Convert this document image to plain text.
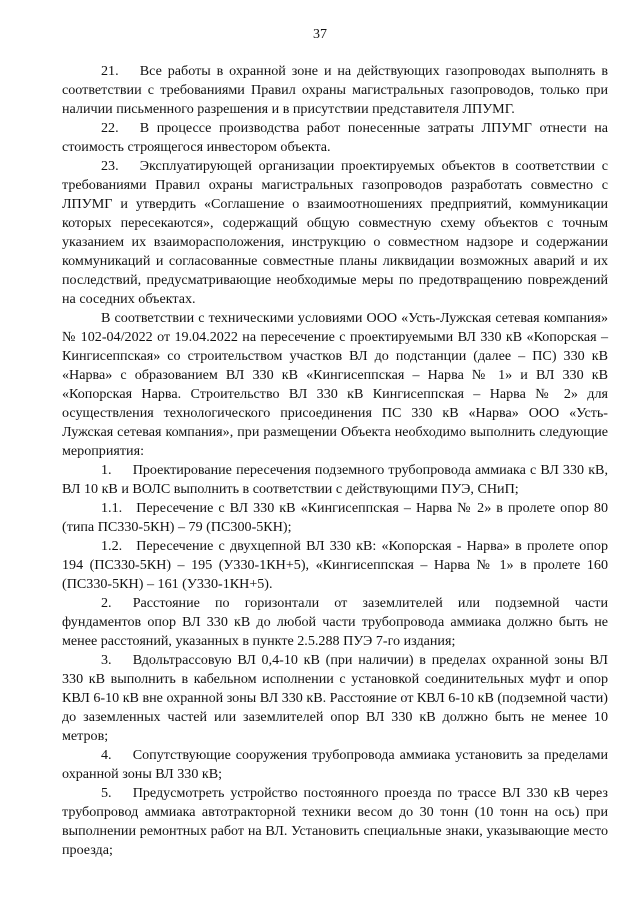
37

21.  Все работы в охранной зоне и на действующих газопроводах выполнять в соответствии с требованиями Правил охраны магистральных газопроводов, только при наличии письменного разрешения и в присутствии представителя ЛПУМГ.

22.  В процессе производства работ понесенные затраты ЛПУМГ отнести на стоимость строящегося инвестором объекта.

23.  Эксплуатирующей организации проектируемых объектов в соответствии с требованиями Правил охраны магистральных газопроводов разработать совместно с ЛПУМГ и утвердить «Соглашение о взаимоотношениях предприятий, коммуникации которых пересекаются», содержащий общую совместную схему объектов с точным указанием их взаиморасположения, инструкцию о совместном надзоре и содержании коммуникаций и согласованные совместные планы ликвидации возможных аварий и их последствий, предусматривающие необходимые меры по предотвращению повреждений на соседних объектах.

В соответствии с техническими условиями ООО «Усть-Лужская сетевая компания» № 102-04/2022 от 19.04.2022 на пересечение с проектируемыми ВЛ 330 кВ «Копорская – Кингисеппская» со строительством участков ВЛ до подстанции (далее – ПС) 330 кВ «Нарва» с образованием ВЛ 330 кВ «Кингисеппская – Нарва № 1» и ВЛ 330 кВ «Копорская Нарва. Строительство ВЛ 330 кВ Кингисеппская – Нарва № 2» для осуществления технологического присоединения ПС 330 кВ «Нарва» ООО «Усть-Лужская сетевая компания», при размещении Объекта необходимо выполнить следующие мероприятия:

1.  Проектирование пересечения подземного трубопровода аммиака с ВЛ 330 кВ, ВЛ 10 кВ и ВОЛС выполнить в соответствии с действующими ПУЭ, СНиП;

1.1. Пересечение с ВЛ 330 кВ «Кингисеппская – Нарва № 2» в пролете опор 80 (типа ПС330-5КН) – 79 (ПС300-5КН);

1.2. Пересечение с двухцепной ВЛ 330 кВ: «Копорская - Нарва» в пролете опор 194 (ПС330-5КН) – 195 (У330-1КН+5), «Кингисеппская – Нарва № 1» в пролете 160 (ПС330-5КН) – 161 (У330-1КН+5).

2.  Расстояние по горизонтали от заземлителей или подземной части фундаментов опор ВЛ 330 кВ до любой части трубопровода аммиака должно быть не менее расстояний, указанных в пункте 2.5.288 ПУЭ 7-го издания;

3.  Вдольтрассовую ВЛ 0,4-10 кВ (при наличии) в пределах охранной зоны ВЛ 330 кВ выполнить в кабельном исполнении с установкой соединительных муфт и опор КВЛ 6-10 кВ вне охранной зоны ВЛ 330 кВ. Расстояние от КВЛ 6-10 кВ (подземной части) до заземленных частей или заземлителей опор ВЛ 330 кВ должно быть не менее 10 метров;

4.  Сопутствующие сооружения трубопровода аммиака установить за пределами охранной зоны ВЛ 330 кВ;

5.  Предусмотреть устройство постоянного проезда по трассе ВЛ 330 кВ через трубопровод аммиака автотракторной техники весом до 30 тонн (10 тонн на ось) при выполнении ремонтных работ на ВЛ. Установить специальные знаки, указывающие место проезда;
